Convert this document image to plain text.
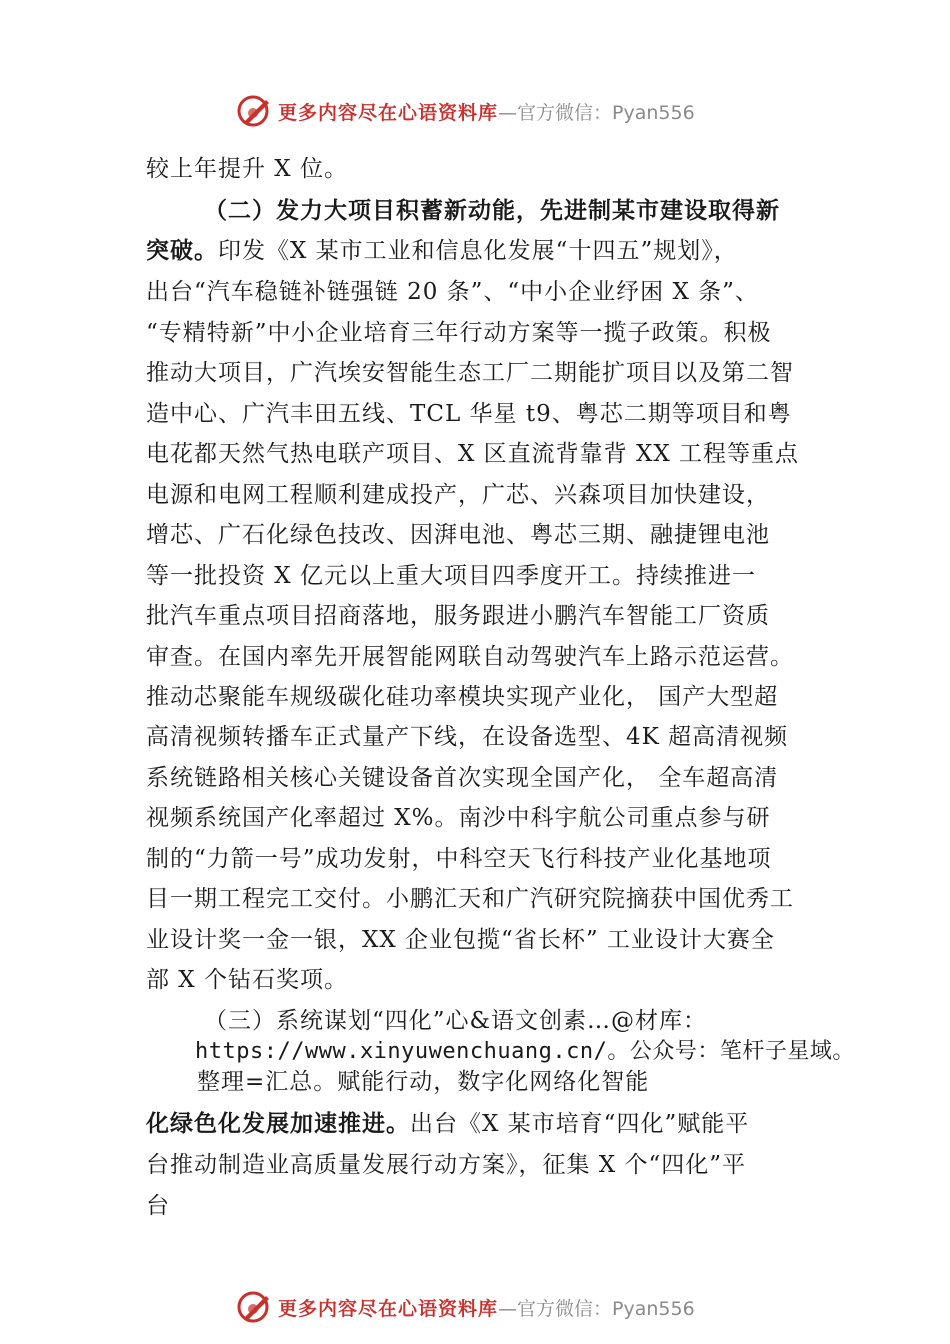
更多内容尽在心语资料库—官方微信：Pyan556
较上年提升 X 位。
（二）发力大项目积蓄新动能，先进制某市建设取得新
突破。印发《X 某市工业和信息化发展“十四五”规划》，
出台“汽车稳链补链强链 20 条”、“中小企业纾困 X 条”、
“专精特新”中小企业培育三年行动方案等一揽子政策。积极
推动大项目，广汽埃安智能生态工厂二期能扩项目以及第二智
造中心、广汽丰田五线、TCL 华星 t9、粤芯二期等项目和粤
电花都天然气热电联产项目、X 区直流背靠背 XX 工程等重点
电源和电网工程顺利建成投产，广芯、兴森项目加快建设，
增芯、广石化绿色技改、因湃电池、粤芯三期、融捷锂电池
等一批投资 X 亿元以上重大项目四季度开工。持续推进一
批汽车重点项目招商落地，服务跟进小鹏汽车智能工厂资质
审查。在国内率先开展智能网联自动驾驶汽车上路示范运营。
推动芯聚能车规级碳化硅功率模块实现产业化， 国产大型超
高清视频转播车正式量产下线，在设备选型、4K 超高清视频
系统链路相关核心关键设备首次实现全国产化， 全车超高清
视频系统国产化率超过 X%。南沙中科宇航公司重点参与研
制的“力箭一号”成功发射，中科空天飞行科技产业化基地项
目一期工程完工交付。小鹏汇天和广汽研究院摘获中国优秀工
业设计奖一金一银，XX 企业包揽“省长杯” 工业设计大赛全
部 X 个钻石奖项。
（三）系统谋划“四化”心&语文创素…@材库：
https://www.xinyuwenchuang.cn/。公众号：笔杆子星域。
整理=汇总。赋能行动，数字化网络化智能
化绿色化发展加速推进。出台《X 某市培育“四化”赋能平
台推动制造业高质量发展行动方案》，征集 X 个“四化”平
台
更多内容尽在心语资料库—官方微信：Pyan556
